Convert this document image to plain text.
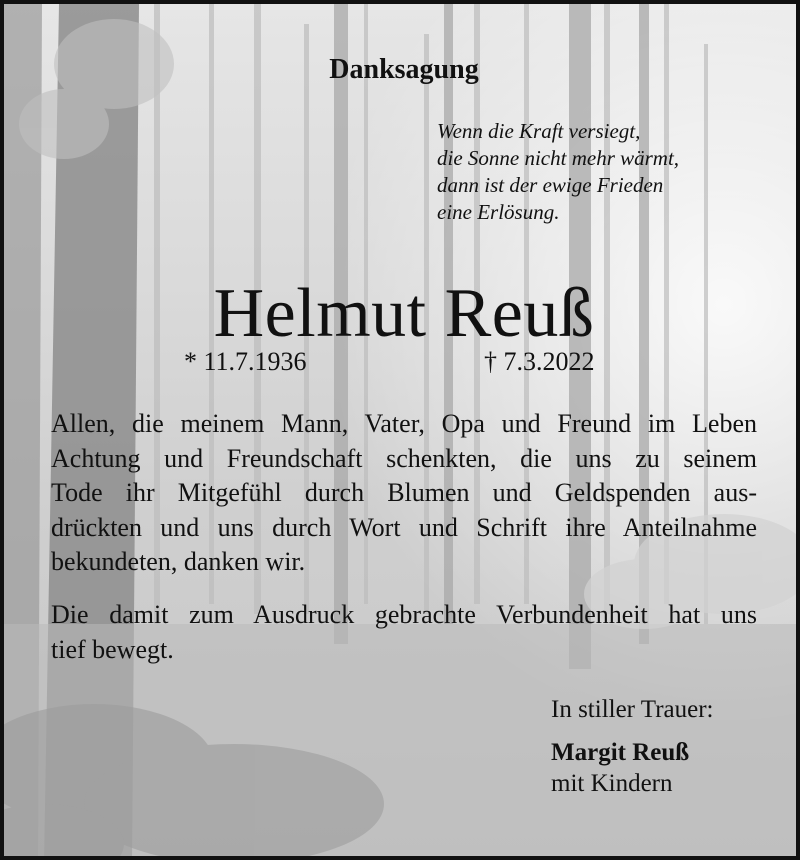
Danksagung
Wenn die Kraft versiegt,
die Sonne nicht mehr wärmt,
dann ist der ewige Frieden
eine Erlösung.
Helmut Reuß
* 11.7.1936	† 7.3.2022
Allen, die meinem Mann, Vater, Opa und Freund im Leben
Achtung und Freundschaft schenkten, die uns zu seinem
Tode ihr Mitgefühl durch Blumen und Geldspenden aus-
drückten und uns durch Wort und Schrift ihre Anteilnahme
bekundeten, danken wir.
Die damit zum Ausdruck gebrachte Verbundenheit hat uns
tief bewegt.
In stiller Trauer:
Margit Reuß
mit Kindern
